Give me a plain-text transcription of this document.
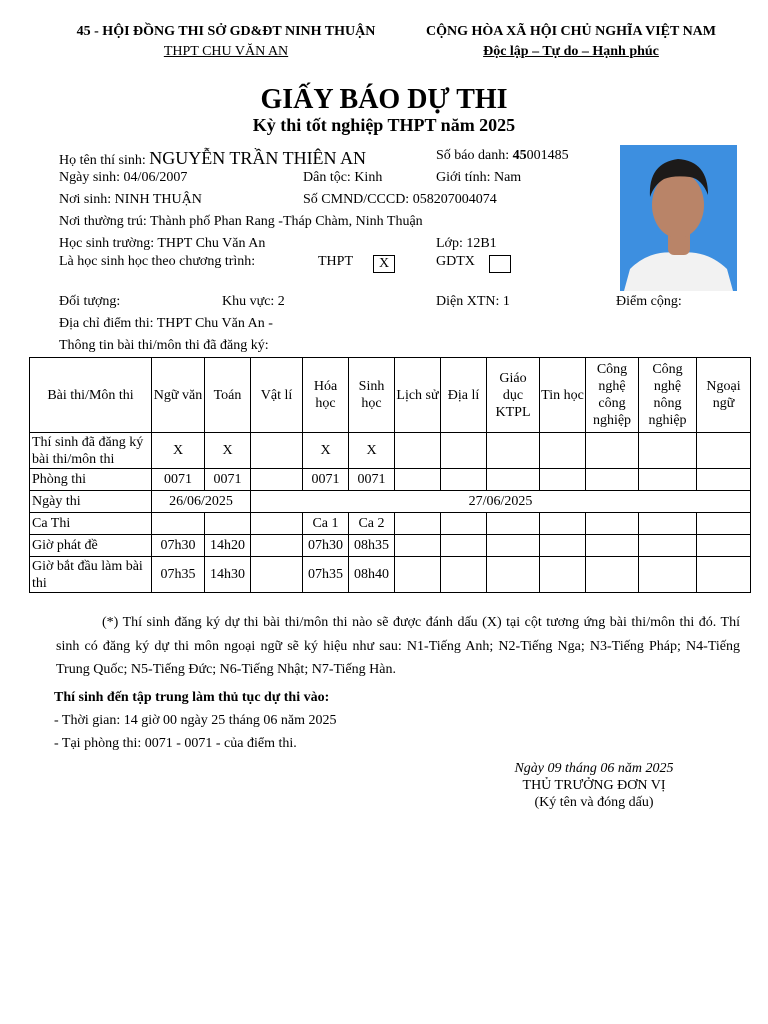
45 - HỘI ĐỒNG THI SỞ GD&ĐT NINH THUẬN
THPT CHU VĂN AN
CỘNG HÒA XÃ HỘI CHỦ NGHĨA VIỆT NAM
Độc lập – Tự do – Hạnh phúc
GIẤY BÁO DỰ THI
Kỳ thi tốt nghiệp THPT năm 2025
Họ tên thí sinh: NGUYỄN TRẦN THIÊN AN	Số báo danh: 45001485
Ngày sinh: 04/06/2007	Dân tộc: Kinh	Giới tính: Nam
Nơi sinh: NINH THUẬN	Số CMND/CCCD: 058207004074
Nơi thường trú: Thành phố Phan Rang -Tháp Chàm, Ninh Thuận
Học sinh trường: THPT Chu Văn An	Lớp: 12B1
Là học sinh học theo chương trình:	THPT	X	GDTX
Đối tượng:	Khu vực: 2	Diện XTN: 1	Điểm cộng:
Địa chỉ điểm thi: THPT Chu Văn An -
Thông tin bài thi/môn thi đã đăng ký:
Bài thi/Môn thi	Ngữ văn	Toán	Vật lí	Hóa học	Sinh học	Lịch sử	Địa lí	Giáo dục KTPL	Tin học	Công nghệ công nghiệp	Công nghệ nông nghiệp	Ngoại ngữ
Thí sinh đã đăng ký bài thi/môn thi	X	X		X	X							
Phòng thi	0071	0071		0071	0071							
Ngày thi	26/06/2025		27/06/2025									
Ca Thi				Ca 1	Ca 2							
Giờ phát đề	07h30	14h20		07h30	08h35							
Giờ bắt đầu làm bài thi	07h35	14h30		07h35	08h40							
(*) Thí sinh đăng ký dự thi bài thi/môn thi nào sẽ được đánh dấu (X) tại cột tương ứng bài thi/môn thi đó. Thí sinh có đăng ký dự thi môn ngoại ngữ sẽ ký hiệu như sau: N1-Tiếng Anh; N2-Tiếng Nga; N3-Tiếng Pháp; N4-Tiếng Trung Quốc; N5-Tiếng Đức; N6-Tiếng Nhật; N7-Tiếng Hàn.
Thí sinh đến tập trung làm thủ tục dự thi vào:
- Thời gian: 14 giờ 00 ngày 25 tháng 06 năm 2025
- Tại phòng thi: 0071 - 0071 - của điểm thi.
Ngày 09 tháng 06 năm 2025
THỦ TRƯỞNG ĐƠN VỊ
(Ký tên và đóng dấu)
